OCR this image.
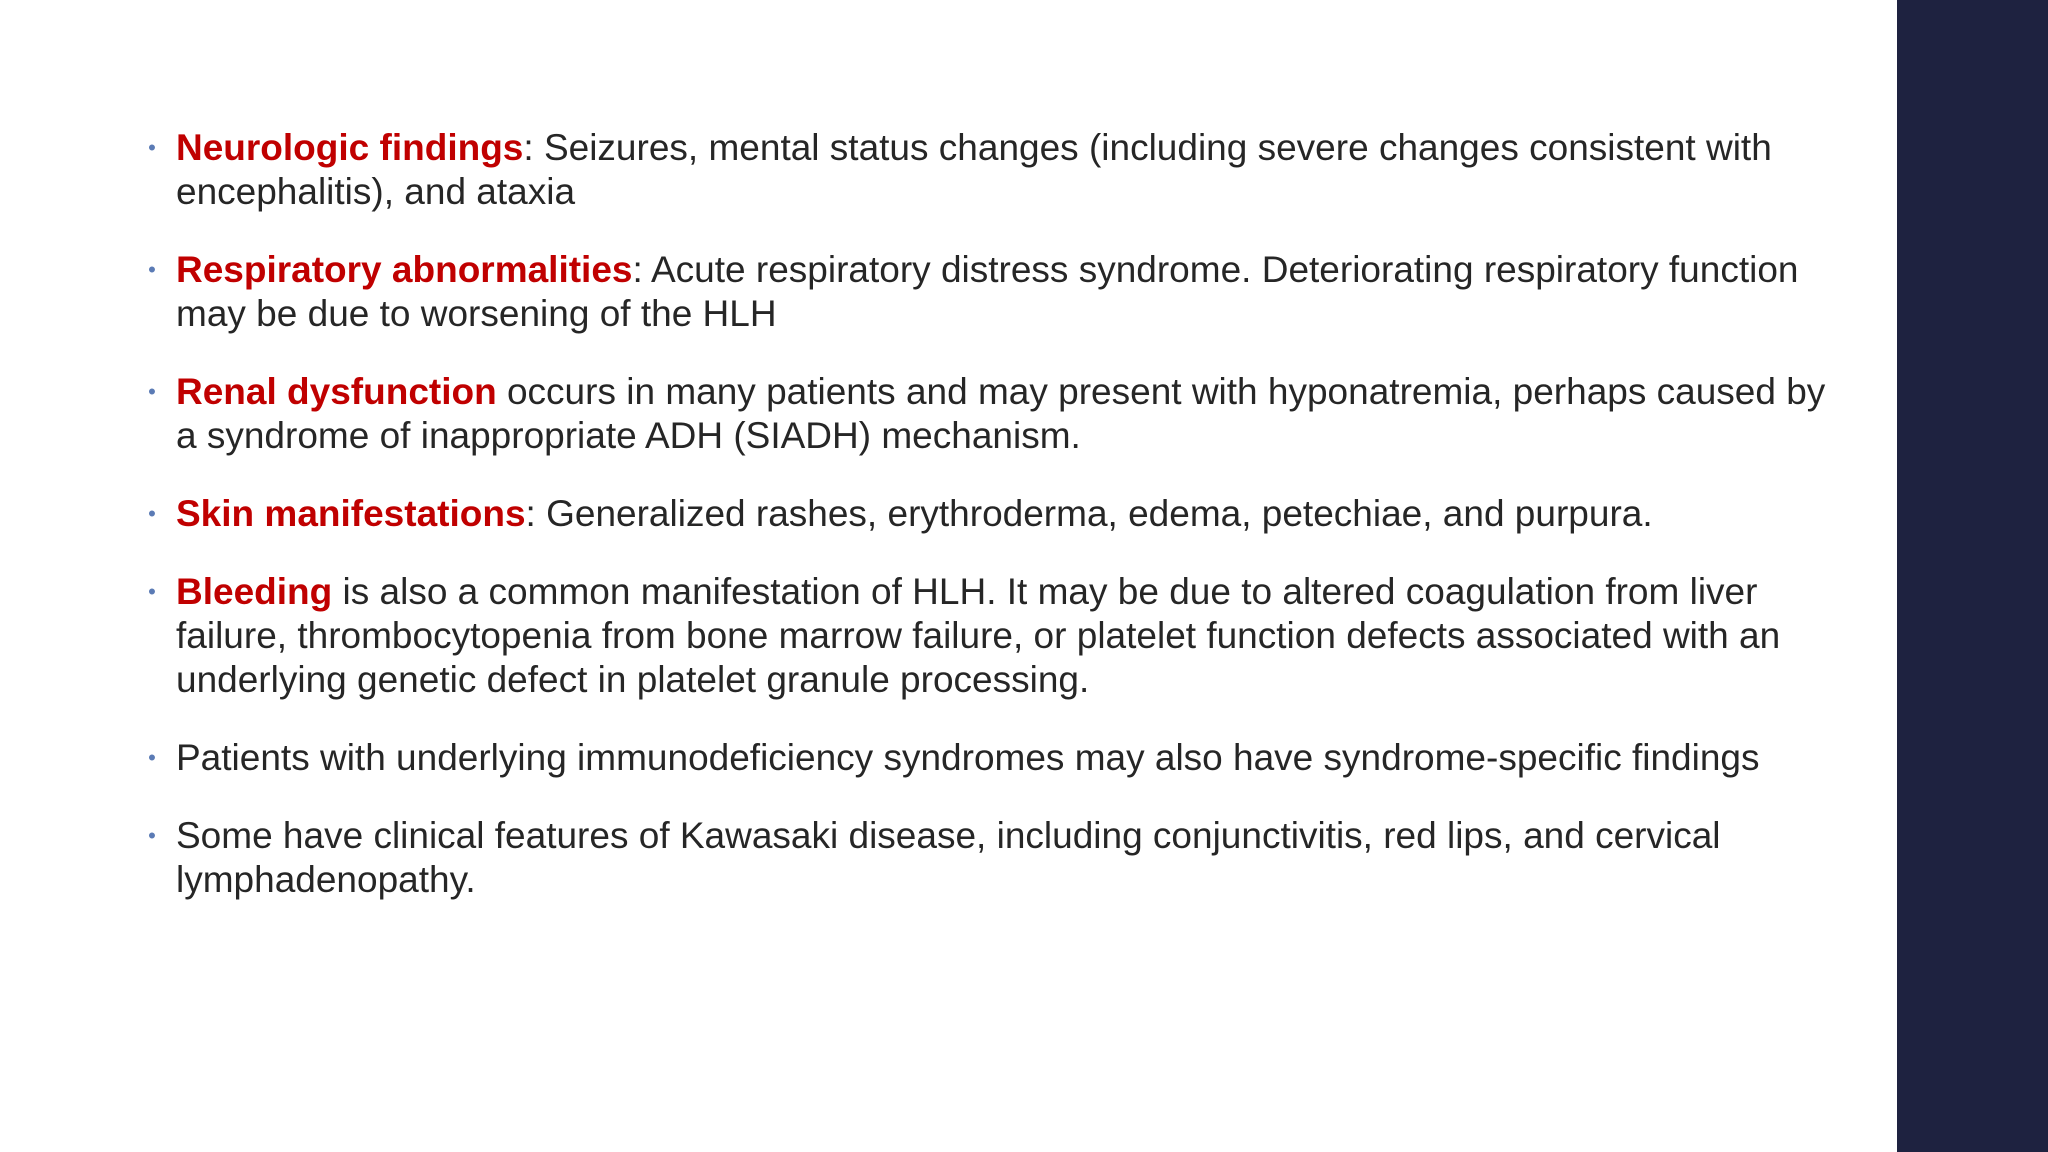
• Neurologic findings: Seizures, mental status changes (including severe changes consistent with encephalitis), and ataxia
• Respiratory abnormalities: Acute respiratory distress syndrome. Deteriorating respiratory function may be due to worsening of the HLH
• Renal dysfunction occurs in many patients and may present with hyponatremia, perhaps caused by a syndrome of inappropriate ADH (SIADH) mechanism.
• Skin manifestations: Generalized rashes, erythroderma, edema, petechiae, and purpura.
• Bleeding is also a common manifestation of HLH. It may be due to altered coagulation from liver failure, thrombocytopenia from bone marrow failure, or platelet function defects associated with an underlying genetic defect in platelet granule processing.
• Patients with underlying immunodeficiency syndromes may also have syndrome-specific findings
• Some have clinical features of Kawasaki disease, including conjunctivitis, red lips, and cervical lymphadenopathy.
